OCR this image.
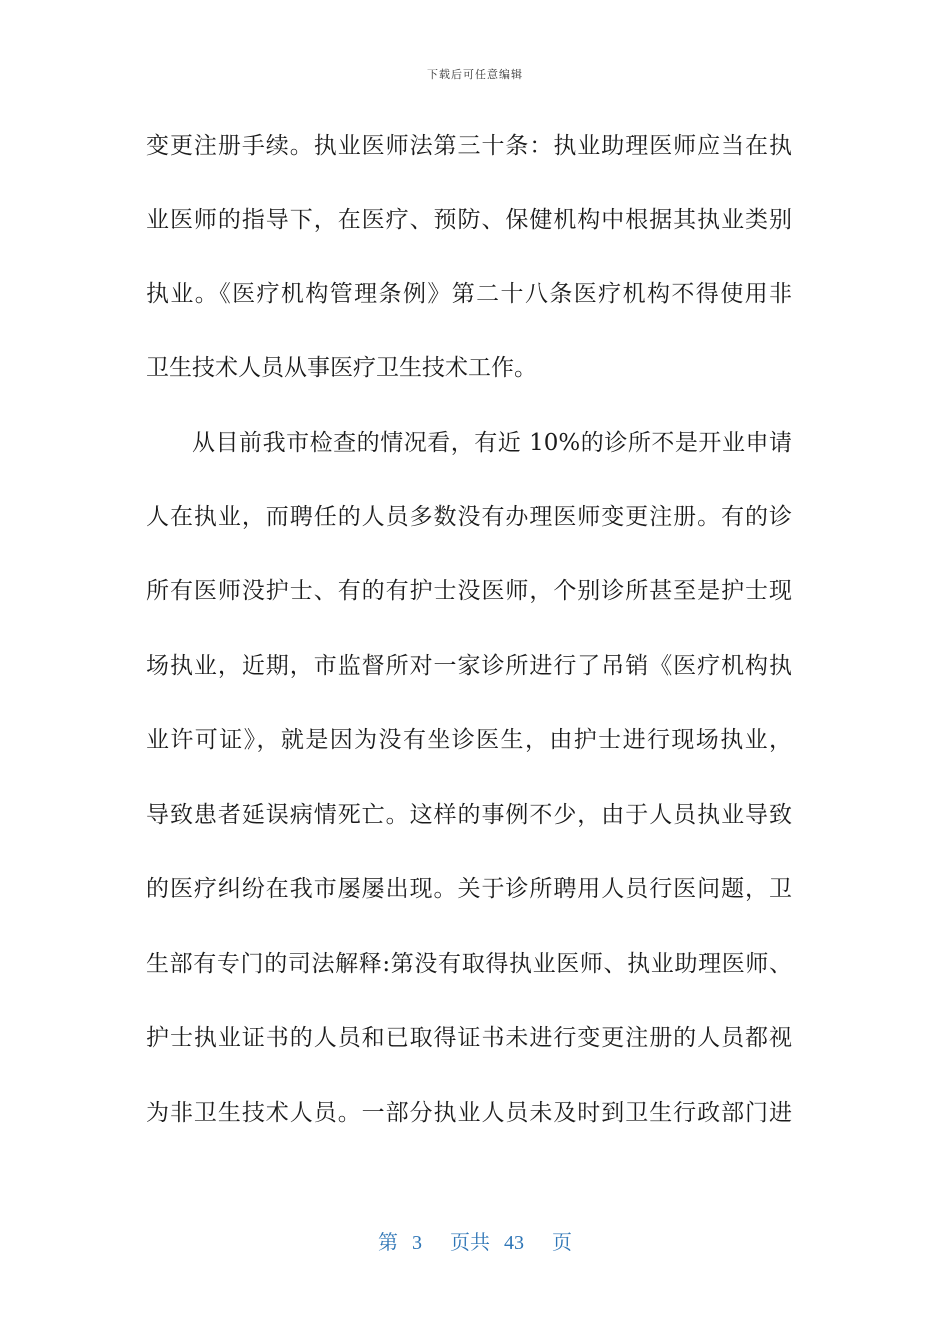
下载后可任意编辑
变更注册手续。执业医师法第三十条：执业助理医师应当在执
业医师的指导下，在医疗、预防、保健机构中根据其执业类别
执业。《医疗机构管理条例》第二十八条医疗机构不得使用非
卫生技术人员从事医疗卫生技术工作。
从目前我市检查的情况看，有近 10%的诊所不是开业申请
人在执业，而聘任的人员多数没有办理医师变更注册。有的诊
所有医师没护士、有的有护士没医师，个别诊所甚至是护士现
场执业，近期，市监督所对一家诊所进行了吊销《医疗机构执
业许可证》，就是因为没有坐诊医生，由护士进行现场执业，
导致患者延误病情死亡。这样的事例不少，由于人员执业导致
的医疗纠纷在我市屡屡出现。关于诊所聘用人员行医问题，卫
生部有专门的司法解释:第没有取得执业医师、执业助理医师、
护士执业证书的人员和已取得证书未进行变更注册的人员都视
为非卫生技术人员。一部分执业人员未及时到卫生行政部门进
第 3 页共 43 页
